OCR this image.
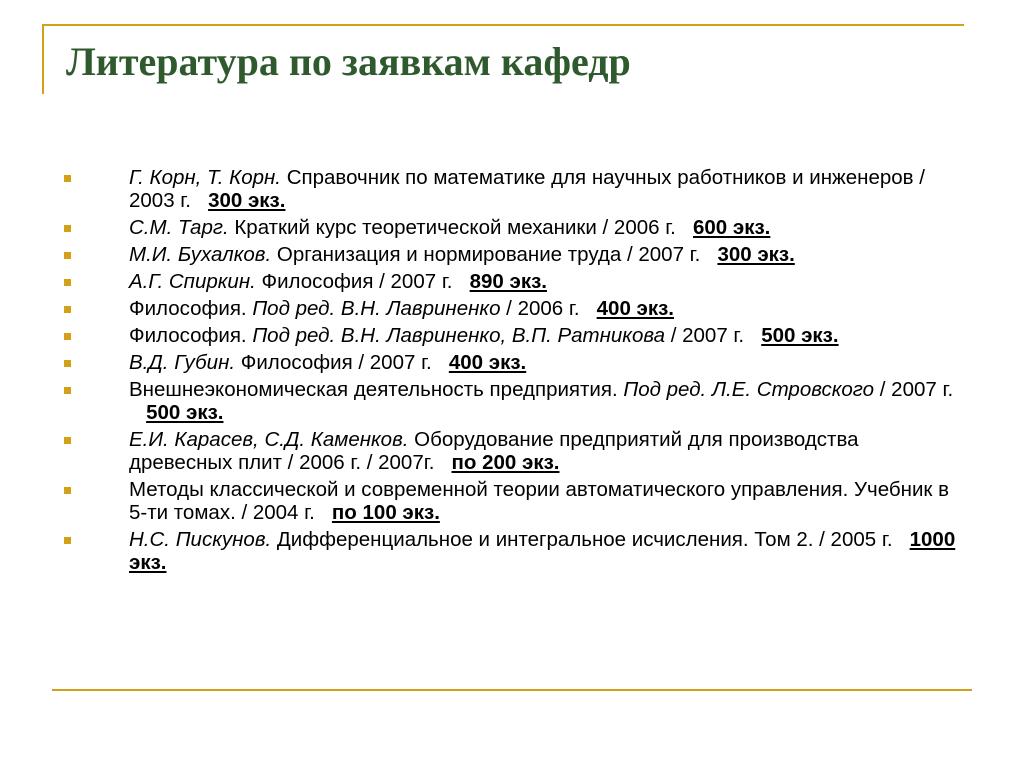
Литература по заявкам кафедр
Г. Корн, Т. Корн. Справочник по математике для научных работников и инженеров / 2003 г. 300 экз.
С.М. Тарг. Краткий курс теоретической механики / 2006 г. 600 экз.
М.И. Бухалков. Организация и нормирование труда / 2007 г. 300 экз.
А.Г. Спиркин. Философия / 2007 г. 890 экз.
Философия. Под ред. В.Н. Лавриненко / 2006 г. 400 экз.
Философия. Под ред. В.Н. Лавриненко, В.П. Ратникова / 2007 г. 500 экз.
В.Д. Губин. Философия / 2007 г. 400 экз.
Внешнеэкономическая деятельность предприятия. Под ред. Л.Е. Стровского / 2007 г.   500 экз.
Е.И. Карасев, С.Д. Каменков. Оборудование предприятий для производства древесных плит / 2006 г. / 2007г. по 200 экз.
Методы классической и современной теории автоматического управления. Учебник в 5-ти томах. / 2004 г. по 100 экз.
Н.С. Пискунов. Дифференциальное и интегральное исчисления. Том 2. / 2005 г. 1000 экз.
